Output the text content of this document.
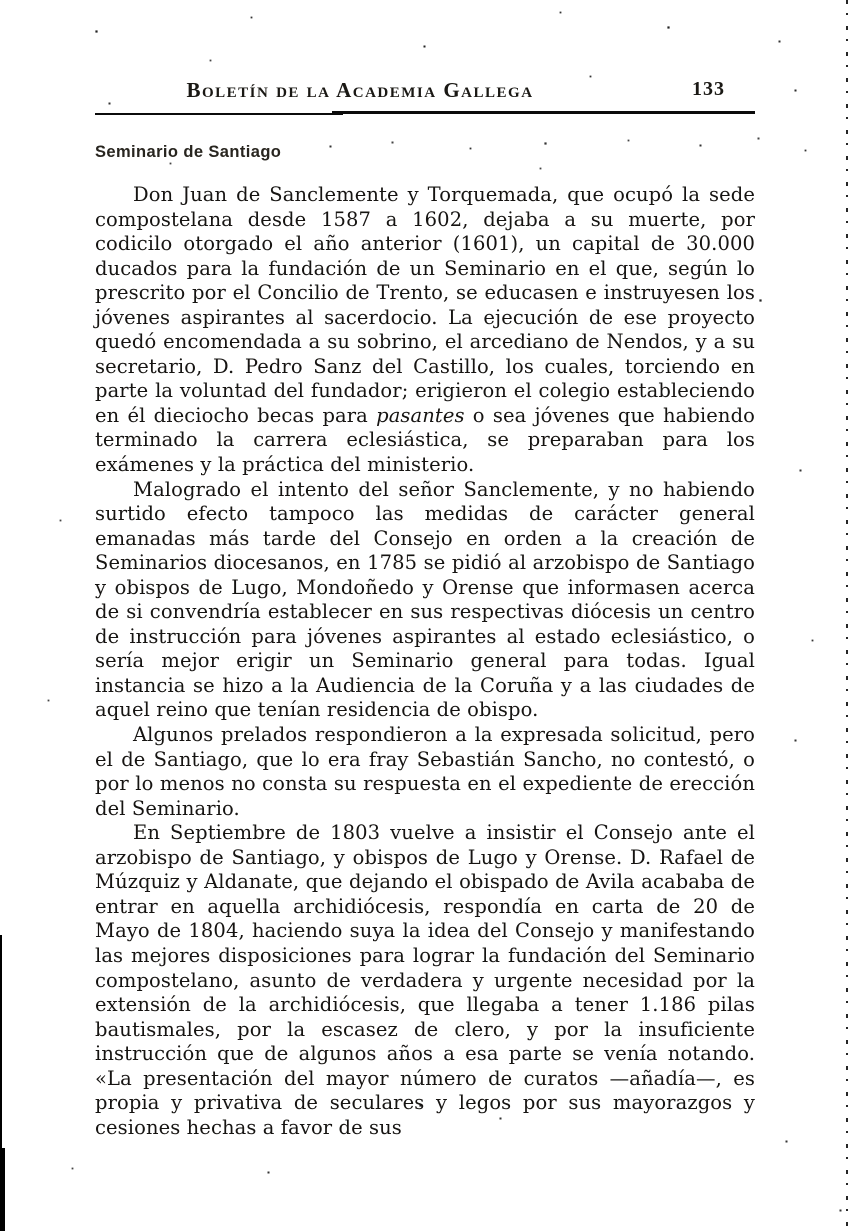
Boletín de la Academia Gallega	133
Seminario de Santiago

Don Juan de Sanclemente y Torquemada, que ocupó la sede compostelana desde 1587 a 1602, dejaba a su muerte, por codicilo otorgado el año anterior (1601), un capital de 30.000 ducados para la fundación de un Seminario en el que, según lo prescrito por el Concilio de Trento, se educasen e instruyesen los jóvenes aspirantes al sacerdocio. La ejecución de ese proyecto quedó encomendada a su sobrino, el arcediano de Nendos, y a su secretario, D. Pedro Sanz del Castillo, los cuales, torciendo en parte la voluntad del fundador; erigieron el colegio estableciendo en él dieciocho becas para pasantes o sea jóvenes que habiendo terminado la carrera eclesiástica, se preparaban para los exámenes y la práctica del ministerio.

Malogrado el intento del señor Sanclemente, y no habiendo surtido efecto tampoco las medidas de carácter general emanadas más tarde del Consejo en orden a la creación de Seminarios diocesanos, en 1785 se pidió al arzobispo de Santiago y obispos de Lugo, Mondoñedo y Orense que informasen acerca de si convendría establecer en sus respectivas diócesis un centro de instrucción para jóvenes aspirantes al estado eclesiástico, o sería mejor erigir un Seminario general para todas. Igual instancia se hizo a la Audiencia de la Coruña y a las ciudades de aquel reino que tenían residencia de obispo.

Algunos prelados respondieron a la expresada solicitud, pero el de Santiago, que lo era fray Sebastián Sancho, no contestó, o por lo menos no consta su respuesta en el expediente de erección del Seminario.

En Septiembre de 1803 vuelve a insistir el Consejo ante el arzobispo de Santiago, y obispos de Lugo y Orense. D. Rafael de Múzquiz y Aldanate, que dejando el obispado de Avila acababa de entrar en aquella archidiócesis, respondía en carta de 20 de Mayo de 1804, haciendo suya la idea del Consejo y manifestando las mejores disposiciones para lograr la fundación del Seminario compostelano, asunto de verdadera y urgente necesidad por la extensión de la archidiócesis, que llegaba a tener 1.186 pilas bautismales, por la escasez de clero, y por la insuficiente instrucción que de algunos años a esa parte se venía notando. «La presentación del mayor número de curatos —añadía—, es propia y privativa de seculares y legos por sus mayorazgos y cesiones hechas a favor de sus
